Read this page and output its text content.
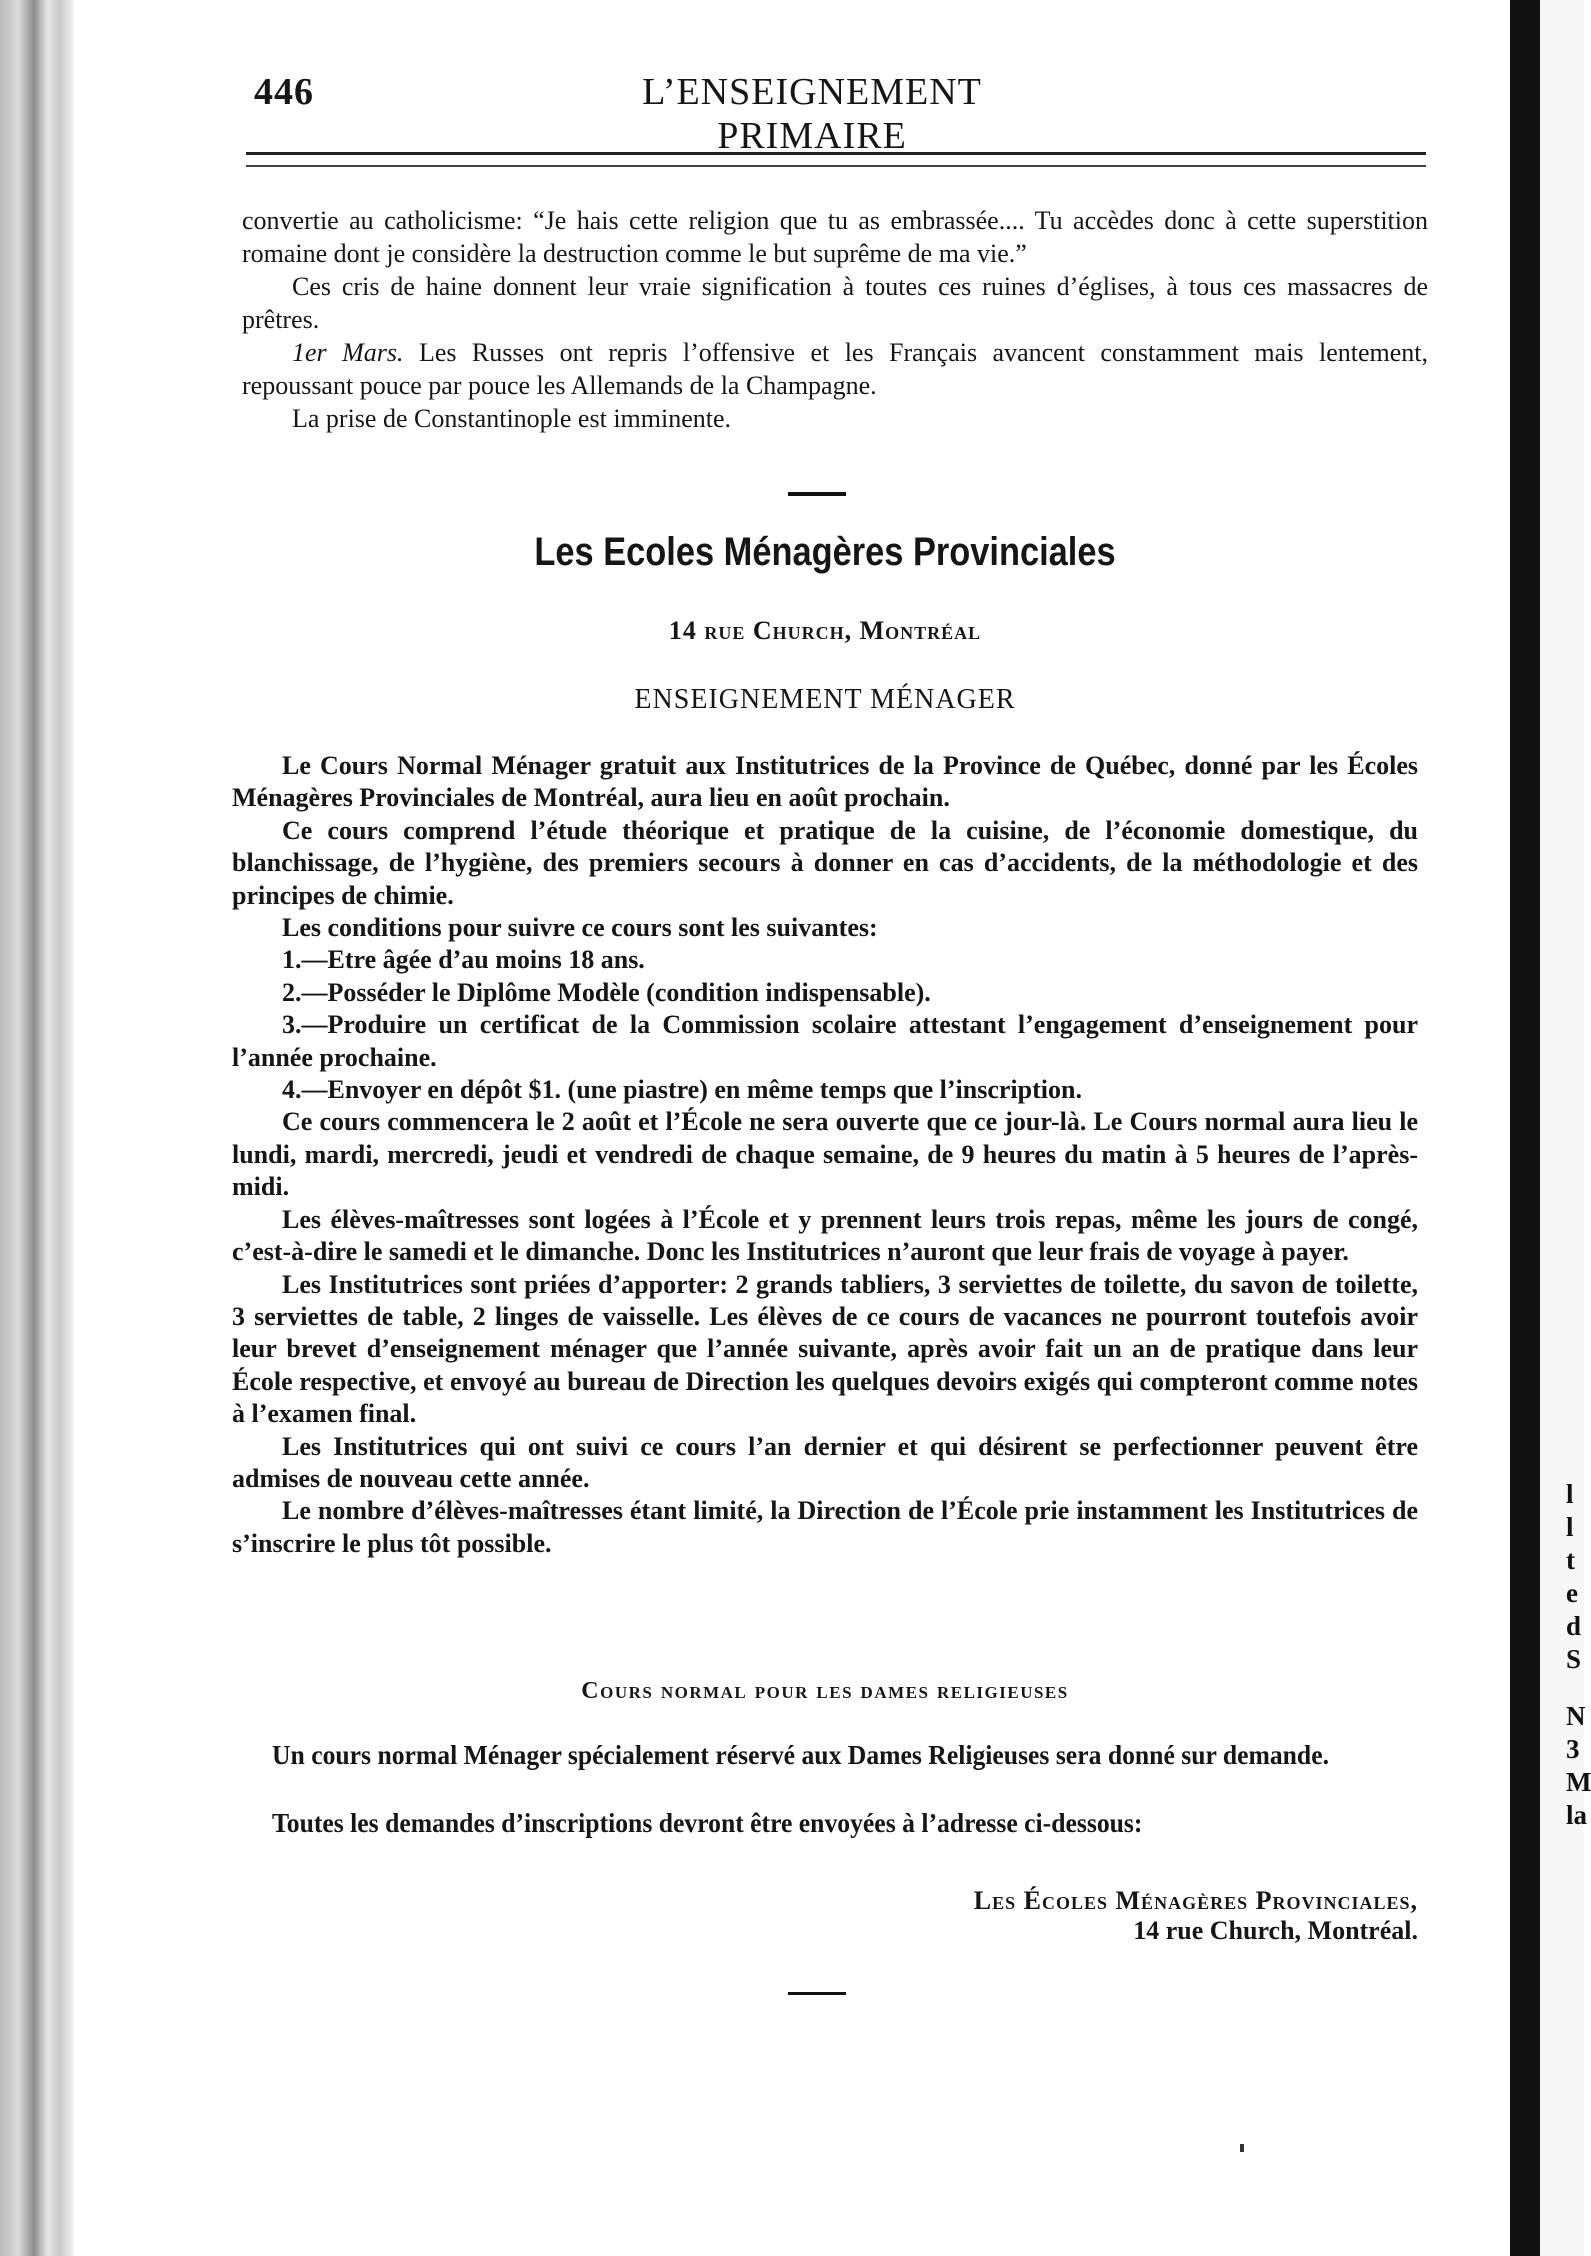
l
l
t
e
d
S
N
3
M
la
446	L’ENSEIGNEMENT PRIMAIRE

convertie au catholicisme: “Je hais cette religion que tu as embrassée.... Tu accèdes donc à cette superstition romaine dont je considère la destruction comme le but suprême de ma vie.”

Ces cris de haine donnent leur vraie signification à toutes ces ruines d’églises, à tous ces massacres de prêtres.

1er Mars. Les Russes ont repris l’offensive et les Français avancent constamment mais lentement, repoussant pouce par pouce les Allemands de la Champagne.

La prise de Constantinople est imminente.

Les Ecoles Ménagères Provinciales
14 rue Church, Montréal
ENSEIGNEMENT MÉNAGER

Le Cours Normal Ménager gratuit aux Institutrices de la Province de Québec, donné par les Écoles Ménagères Provinciales de Montréal, aura lieu en août prochain.

Ce cours comprend l’étude théorique et pratique de la cuisine, de l’économie domestique, du blanchissage, de l’hygiène, des premiers secours à donner en cas d’accidents, de la méthodologie et des principes de chimie.

Les conditions pour suivre ce cours sont les suivantes:

1.—Etre âgée d’au moins 18 ans.

2.—Posséder le Diplôme Modèle (condition indispensable).

3.—Produire un certificat de la Commission scolaire attestant l’engagement d’enseignement pour l’année prochaine.

4.—Envoyer en dépôt $1. (une piastre) en même temps que l’inscription.

Ce cours commencera le 2 août et l’École ne sera ouverte que ce jour-là. Le Cours normal aura lieu le lundi, mardi, mercredi, jeudi et vendredi de chaque semaine, de 9 heures du matin à 5 heures de l’après-midi.

Les élèves-maîtresses sont logées à l’École et y prennent leurs trois repas, même les jours de congé, c’est-à-dire le samedi et le dimanche. Donc les Institutrices n’auront que leur frais de voyage à payer.

Les Institutrices sont priées d’apporter: 2 grands tabliers, 3 serviettes de toilette, du savon de toilette, 3 serviettes de table, 2 linges de vaisselle. Les élèves de ce cours de vacances ne pourront toutefois avoir leur brevet d’enseignement ménager que l’année suivante, après avoir fait un an de pratique dans leur École respective, et envoyé au bureau de Direction les quelques devoirs exigés qui compteront comme notes à l’examen final.

Les Institutrices qui ont suivi ce cours l’an dernier et qui désirent se perfectionner peuvent être admises de nouveau cette année.

Le nombre d’élèves-maîtresses étant limité, la Direction de l’École prie instamment les Institutrices de s’inscrire le plus tôt possible.

Cours normal pour les dames religieuses
Un cours normal Ménager spécialement réservé aux Dames Religieuses sera donné sur demande.
Toutes les demandes d’inscriptions devront être envoyées à l’adresse ci-dessous:
Les Écoles Ménagères Provinciales,
14 rue Church, Montréal.
